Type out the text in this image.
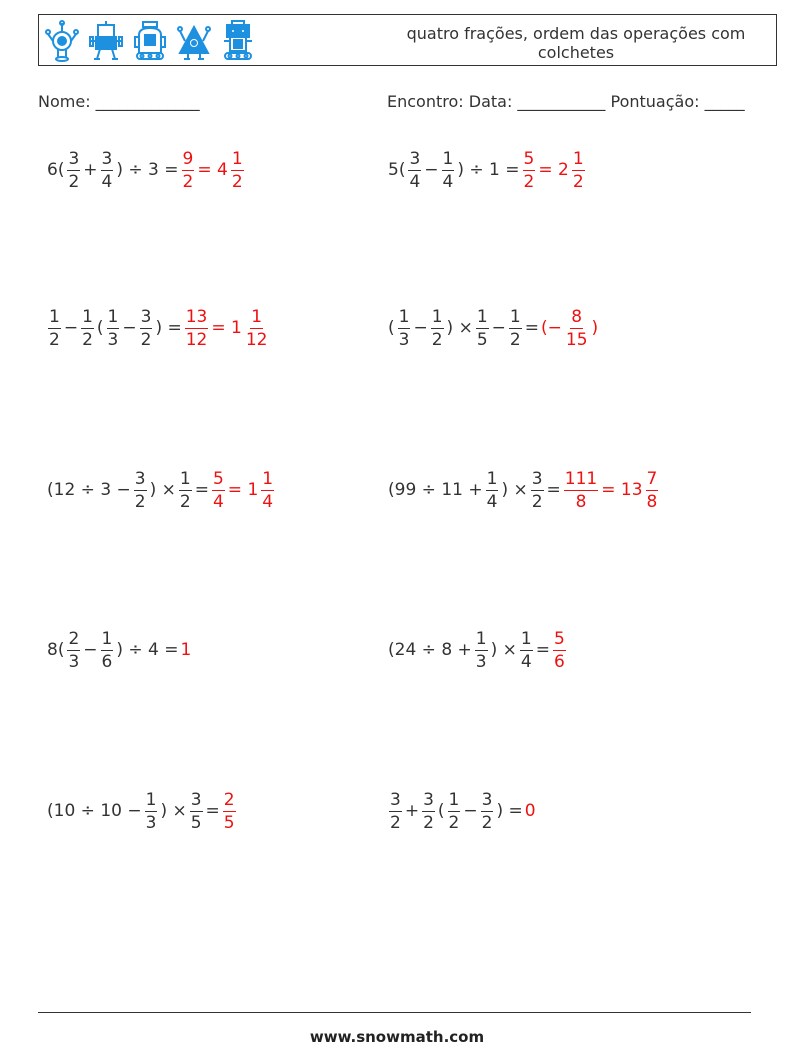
quatro frações, ordem das operações com colchetes
Nome: _____________	Encontro: Data: ___________ Pontuação: _____
$6( \frac{3}{2} + \frac{3}{4}$ ) ÷ $3 = \frac{9}{2} = 4 \frac{1}{2}$	$5( \frac{3}{4} - \frac{1}{4}$ ) ÷ $1 = \frac{5}{2} = 2 \frac{1}{2}$
$\frac{1}{2} - \frac{1}{2}$ ( $\frac{1}{3} - \frac{3}{2}$ ) = $\frac{13}{12} = 1 \frac{1}{12}$	( $\frac{1}{3} - \frac{1}{2}$ ) × $\frac{1}{5} - \frac{1}{2}$ = (− $\frac{8}{15}$ )
($12 \div 3 - \frac{3}{2}$ ) × $\frac{1}{2} = \frac{5}{4} = 1 \frac{1}{4}$	($99 \div 11 + \frac{1}{4}$ ) × $\frac{3}{2} = \frac{111}{8} = 13 \frac{7}{8}$
$8( \frac{2}{3} - \frac{1}{6}$ ) ÷ 4 = 1	($24 \div 8 + \frac{1}{3}$ ) × $\frac{1}{4} = \frac{5}{6}$
($10 \div 10 - \frac{1}{3}$ ) × $\frac{3}{5} = \frac{2}{5}$	$\frac{3}{2} + \frac{3}{2}$ ( $\frac{1}{2} - \frac{3}{2}$ ) = 0
www.snowmath.com
